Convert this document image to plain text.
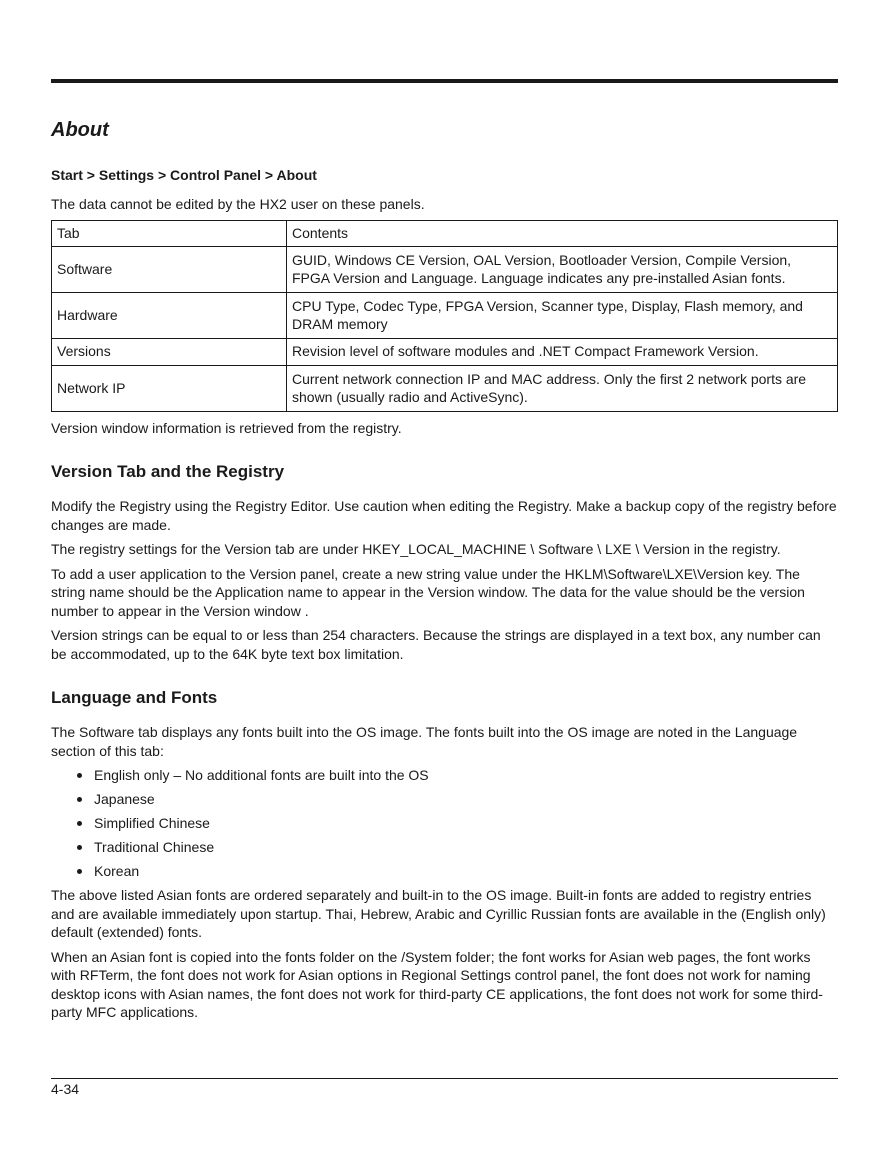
About
Start > Settings > Control Panel > About

The data cannot be edited by the HX2 user on these panels.

Tab	Contents
Software	GUID, Windows CE Version, OAL Version, Bootloader Version, Compile Version, FPGA Version and Language. Language indicates any pre-installed Asian fonts.
Hardware	CPU Type, Codec Type, FPGA Version, Scanner type, Display, Flash memory, and DRAM memory
Versions	Revision level of software modules and .NET Compact Framework Version.
Network IP	Current network connection IP and MAC address. Only the first 2 network ports are shown (usually radio and ActiveSync).

Version window information is retrieved from the registry.

Version Tab and the Registry

Modify the Registry using the Registry Editor. Use caution when editing the Registry. Make a backup copy of the registry before changes are made.

The registry settings for the Version tab are under HKEY_LOCAL_MACHINE \ Software \ LXE \ Version in the registry.

To add a user application to the Version panel, create a new string value under the HKLM\Software\LXE\Version key. The string name should be the Application name to appear in the Version window. The data for the value should be the version number to appear in the Version window .

Version strings can be equal to or less than 254 characters. Because the strings are displayed in a text box, any number can be accommodated, up to the 64K byte text box limitation.

Language and Fonts

The Software tab displays any fonts built into the OS image. The fonts built into the OS image are noted in the Language section of this tab:

English only – No additional fonts are built into the OS
Japanese
Simplified Chinese
Traditional Chinese
Korean

The above listed Asian fonts are ordered separately and built-in to the OS image. Built-in fonts are added to registry entries and are available immediately upon startup. Thai, Hebrew, Arabic and Cyrillic Russian fonts are available in the (English only) default (extended) fonts.

When an Asian font is copied into the fonts folder on the /System folder; the font works for Asian web pages, the font works with RFTerm, the font does not work for Asian options in Regional Settings control panel, the font does not work for naming desktop icons with Asian names, the font does not work for third-party CE applications, the font does not work for some third-party MFC applications.

4-34
